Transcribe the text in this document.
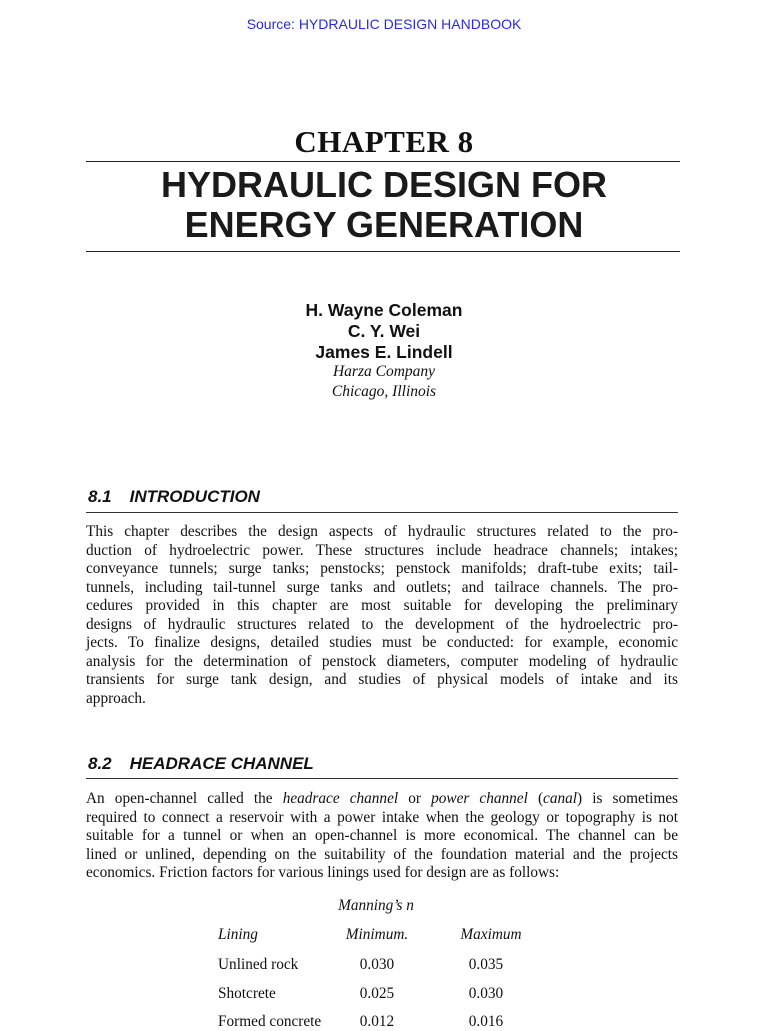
Source: HYDRAULIC DESIGN HANDBOOK
CHAPTER 8
HYDRAULIC DESIGN FOR
ENERGY GENERATION
H. Wayne Coleman
C. Y. Wei
James E. Lindell
Harza Company
Chicago, Illinois
8.1 INTRODUCTION
This chapter describes the design aspects of hydraulic structures related to the pro-
duction of hydroelectric power. These structures include headrace channels; intakes;
conveyance tunnels; surge tanks; penstocks; penstock manifolds; draft-tube exits; tail-
tunnels, including tail-tunnel surge tanks and outlets; and tailrace channels. The pro-
cedures provided in this chapter are most suitable for developing the preliminary
designs of hydraulic structures related to the development of the hydroelectric pro-
jects. To finalize designs, detailed studies must be conducted: for example, economic
analysis for the determination of penstock diameters, computer modeling of hydraulic
transients for surge tank design, and studies of physical models of intake and its
approach.
8.2 HEADRACE CHANNEL
An open-channel called the headrace channel or power channel (canal) is sometimes
required to connect a reservoir with a power intake when the geology or topography is not
suitable for a tunnel or when an open-channel is more economical. The channel can be
lined or unlined, depending on the suitability of the foundation material and the projects
economics. Friction factors for various linings used for design are as follows:
Manning’s n
Lining	Minimum.	Maximum
Unlined rock	0.030	0.035
Shotcrete	0.025	0.030
Formed concrete	0.012	0.016
